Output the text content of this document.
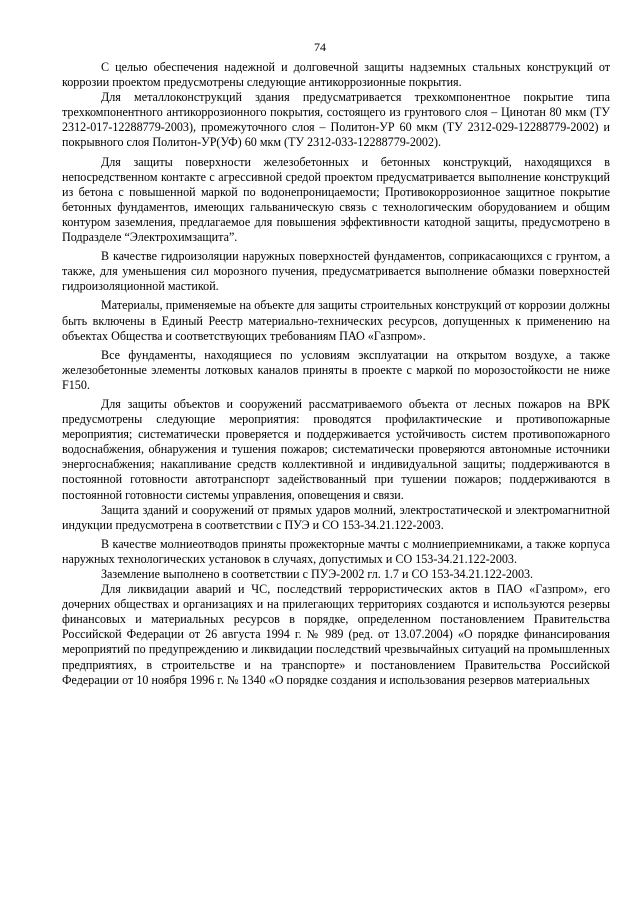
74

С целью обеспечения надежной и долговечной защиты надземных стальных конструкций от коррозии проектом предусмотрены следующие антикоррозионные покрытия.

Для металлоконструкций здания предусматривается трехкомпонентное покрытие типа трехкомпонентного антикоррозионного покрытия, состоящего из грунтового слоя – Цинотан 80 мкм (ТУ 2312-017-12288779-2003), промежуточного слоя – Политон-УР 60 мкм (ТУ 2312-029-12288779-2002) и покрывного слоя Политон-УР(УФ) 60 мкм (ТУ 2312-033-12288779-2002).

Для защиты поверхности железобетонных и бетонных конструкций, находящихся в непосредственном контакте с агрессивной средой проектом предусматривается выполнение конструкций из бетона с повышенной маркой по водонепроницаемости; Противокоррозионное защитное покрытие бетонных фундаментов, имеющих гальваническую связь с технологическим оборудованием и общим контуром заземления, предлагаемое для повышения эффективности катодной защиты, предусмотрено в Подразделе “Электрохимзащита”.

В качестве гидроизоляции наружных поверхностей фундаментов, соприкасающихся с грунтом, а также, для уменьшения сил морозного пучения, предусматривается выполнение обмазки поверхностей гидроизоляционной мастикой.

Материалы, применяемые на объекте для защиты строительных конструкций от коррозии должны быть включены в Единый Реестр материально-технических ресурсов, допущенных к применению на объектах Общества и соответствующих требованиям ПАО «Газпром».

Все фундаменты, находящиеся по условиям эксплуатации на открытом воздухе, а также железобетонные элементы лотковых каналов приняты в проекте с маркой по морозостойкости не ниже F150.

Для защиты объектов и сооружений рассматриваемого объекта от лесных пожаров на ВРК предусмотрены следующие мероприятия: проводятся профилактические и противопожарные мероприятия; систематически проверяется и поддерживается устойчивость систем противопожарного водоснабжения, обнаружения и тушения пожаров; систематически проверяются автономные источники энергоснабжения; накапливание средств коллективной и индивидуальной защиты; поддерживаются в постоянной готовности автотранспорт задействованный при тушении пожаров; поддерживаются в постоянной готовности системы управления, оповещения и связи.

Защита зданий и сооружений от прямых ударов молний, электростатической и электромагнитной индукции предусмотрена в соответствии с ПУЭ и СО 153-34.21.122-2003.

В качестве молниеотводов приняты прожекторные мачты с молниеприемниками, а также корпуса наружных технологических установок в случаях, допустимых и СО 153-34.21.122-2003.

Заземление выполнено в соответствии с ПУЭ-2002 гл. 1.7 и СО 153-34.21.122-2003.

Для ликвидации аварий и ЧС, последствий террористических актов в ПАО «Газпром», его дочерних обществах и организациях и на прилегающих территориях создаются и используются резервы финансовых и материальных ресурсов в порядке, определенном постановлением Правительства Российской Федерации от 26 августа 1994 г. № 989 (ред. от 13.07.2004) «О порядке финансирования мероприятий по предупреждению и ликвидации последствий чрезвычайных ситуаций на промышленных предприятиях, в строительстве и на транспорте» и постановлением Правительства Российской Федерации от 10 ноября 1996 г. № 1340 «О порядке создания и использования резервов материальных
